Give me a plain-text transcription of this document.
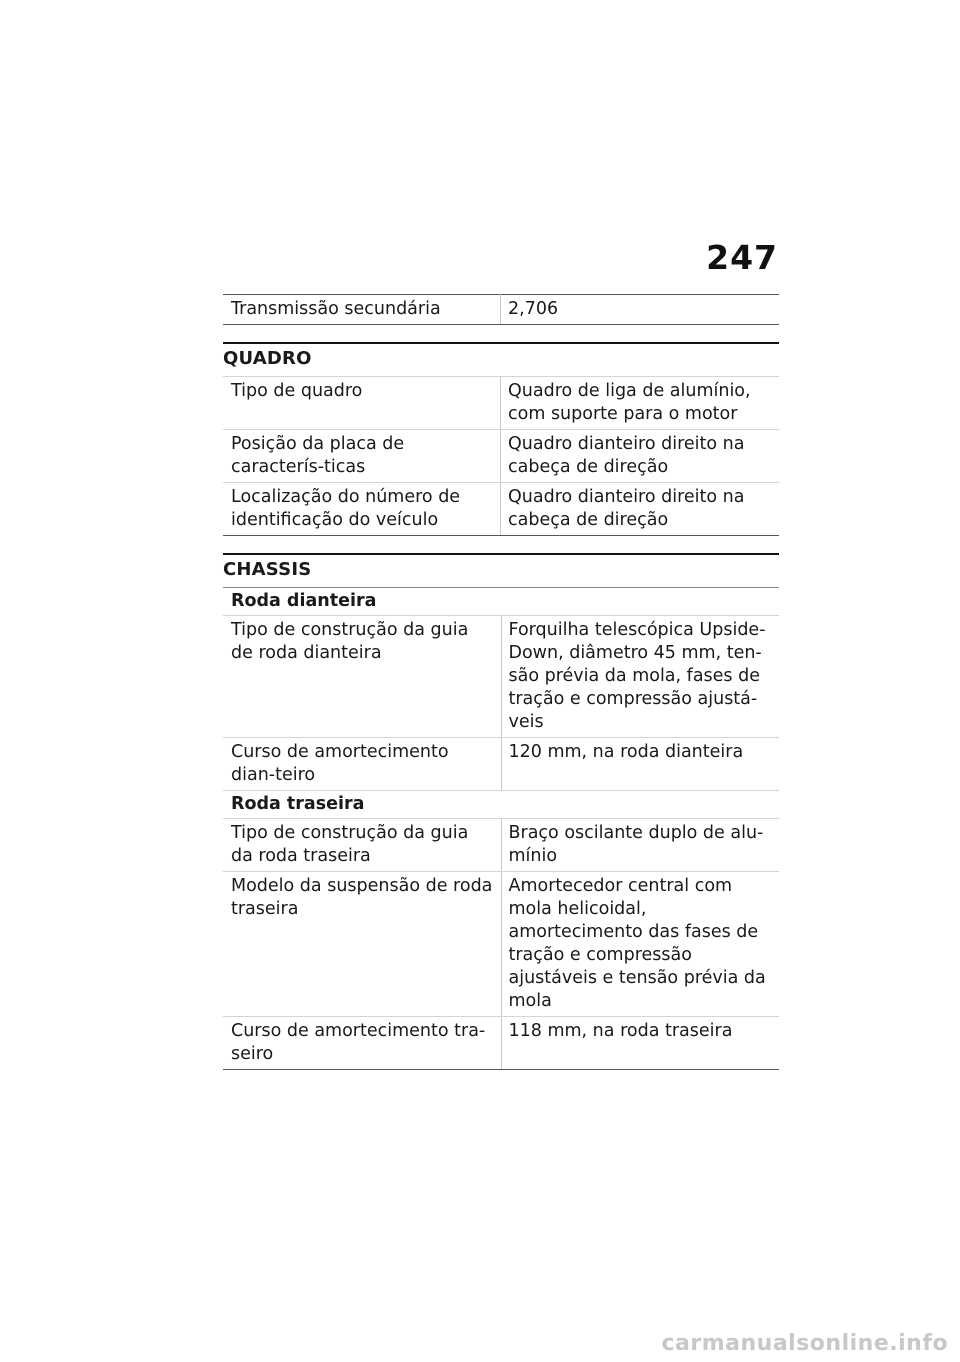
247
Transmissão secundária	2,706
QUADRO
Tipo de quadro	Quadro de liga de alumínio, com suporte para o motor
Posição da placa de caracterís-ticas	Quadro dianteiro direito na cabeça de direção
Localização do número de identificação do veículo	Quadro dianteiro direito na cabeça de direção
CHASSIS
Roda dianteira	
Tipo de construção da guia de roda dianteira	Forquilha telescópica Upside-Down, diâmetro 45 mm, ten-são prévia da mola, fases de tração e compressão ajustá-veis
Curso de amortecimento dian-teiro	120 mm, na roda dianteira
Roda traseira	
Tipo de construção da guia da roda traseira	Braço oscilante duplo de alu-mínio
Modelo da suspensão de roda traseira	Amortecedor central com mola helicoidal, amortecimento das fases de tração e compressão ajustáveis e tensão prévia da mola
Curso de amortecimento tra-seiro	118 mm, na roda traseira
carmanualsonline.info
